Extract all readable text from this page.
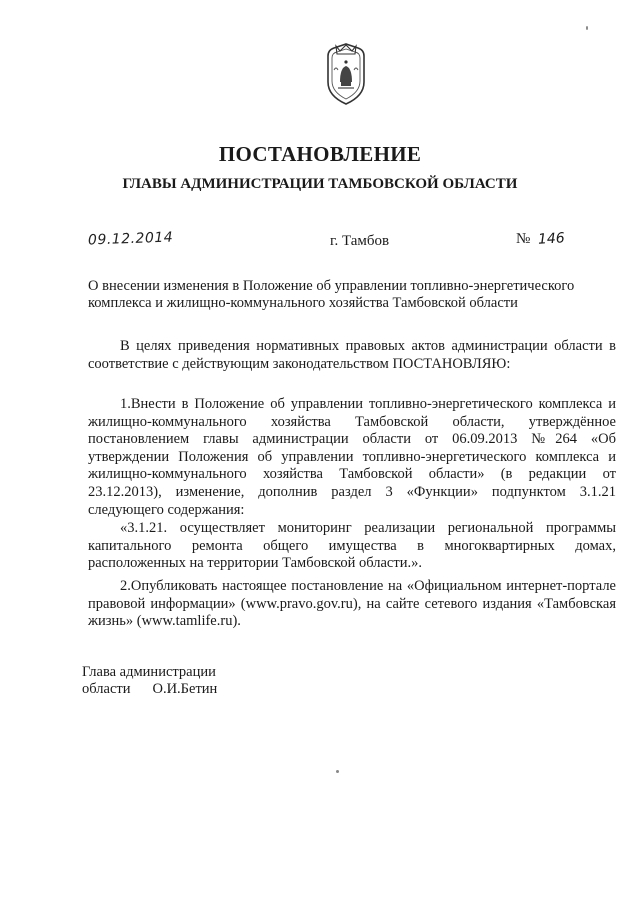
ПОСТАНОВЛЕНИЕ
ГЛАВЫ АДМИНИСТРАЦИИ ТАМБОВСКОЙ ОБЛАСТИ
09.12.2014	г. Тамбов	№ 146
О внесении изменения в Положение об управлении топливно-энергетического комплекса и жилищно-коммунального хозяйства Тамбовской области

В целях приведения нормативных правовых актов администрации области в соответствие с действующим законодательством ПОСТАНОВЛЯЮ:

1.Внести в Положение об управлении топливно-энергетического комплекса и жилищно-коммунального хозяйства Тамбовской области, утверждённое постановлением главы администрации области от 06.09.2013 №264 «Об утверждении Положения об управлении топливно-энергетического комплекса и жилищно-коммунального хозяйства Тамбовской области» (в редакции от 23.12.2013), изменение, дополнив раздел 3 «Функции» подпунктом 3.1.21 следующего содержания:

«3.1.21. осуществляет мониторинг реализации региональной программы капитального ремонта общего имущества в многоквартирных домах, расположенных на территории Тамбовской области.».

2.Опубликовать настоящее постановление на «Официальном интернет-портале правовой информации» (www.pravo.gov.ru), на сайте сетевого издания «Тамбовская жизнь» (www.tamlife.ru).

Глава администрации
области О.И.Бетин
